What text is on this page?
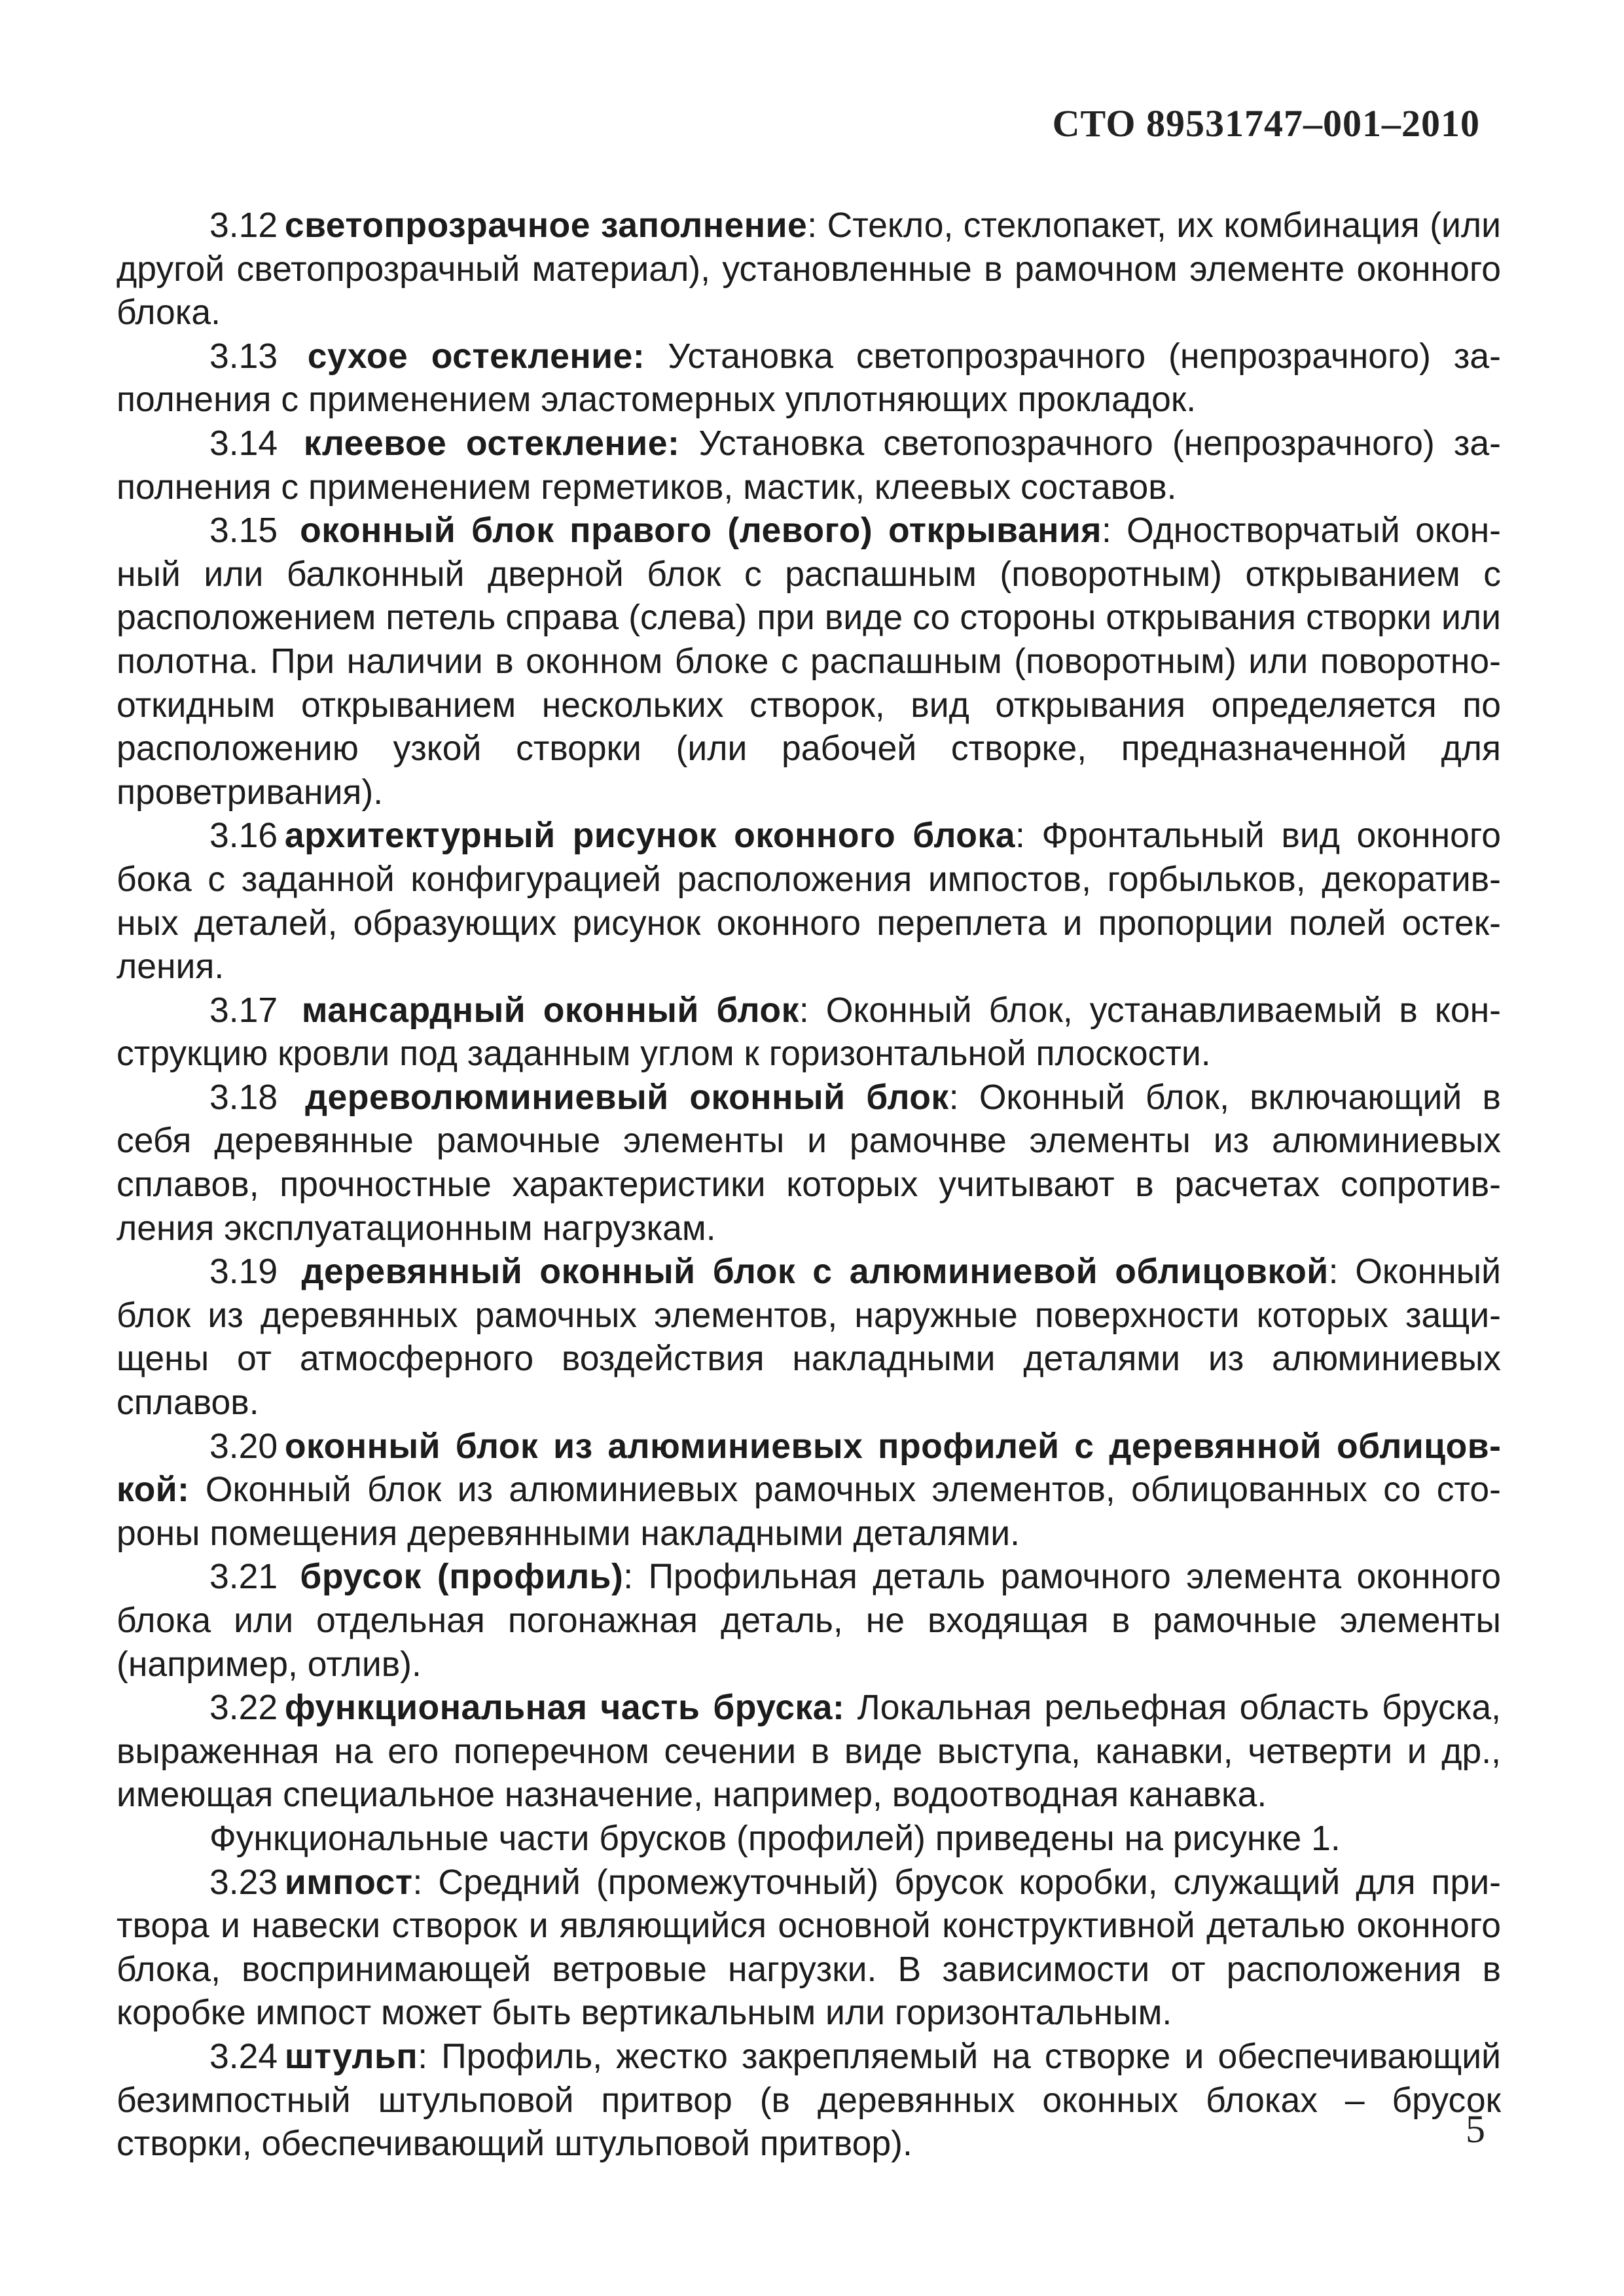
СТО 89531747–001–2010

3.12 светопрозрачное заполнение: Стекло, стеклопакет, их комбинация (или другой светопрозрачный материал), установленные в рамочном элементе оконного блока.

3.13 сухое остекление: Установка светопрозрачного (непрозрачного) заполнения с применением эластомерных уплотняющих прокладок.

3.14 клеевое остекление: Установка светопозрачного (непрозрачного) заполнения с применением герметиков, мастик, клеевых составов.

3.15 оконный блок правого (левого) открывания: Одностворчатый оконный или балконный дверной блок с распашным (поворотным) открыванием с расположением петель справа (слева) при виде со стороны открывания створки или полотна. При наличии в оконном блоке с распашным (поворотным) или поворотно-откидным открыванием нескольких створок, вид открывания определяется по расположению узкой створки (или рабочей створке, предназначенной для проветривания).

3.16 архитектурный рисунок оконного блока: Фронтальный вид оконного бока с заданной конфигурацией расположения импостов, горбыльков, декоративных деталей, образующих рисунок оконного переплета и пропорции полей остекления.

3.17 мансардный оконный блок: Оконный блок, устанавливаемый в конструкцию кровли под заданным углом к горизонтальной плоскости.

3.18 дереволюминиевый оконный блок: Оконный блок, включающий в себя деревянные рамочные элементы и рамочнве элементы из алюминиевых сплавов, прочностные характеристики которых учитывают в расчетах сопротивления эксплуатационным нагрузкам.

3.19 деревянный оконный блок с алюминиевой облицовкой: Оконный блок из деревянных рамочных элементов, наружные поверхности которых защищены от атмосферного воздействия накладными деталями из алюминиевых сплавов.

3.20 оконный блок из алюминиевых профилей с деревянной облицовкой: Оконный блок из алюминиевых рамочных элементов, облицованных со стороны помещения деревянными накладными деталями.

3.21 брусок (профиль): Профильная деталь рамочного элемента оконного блока или отдельная погонажная деталь, не входящая в рамочные элементы (например, отлив).

3.22 функциональная часть бруска: Локальная рельефная область бруска, выраженная на его поперечном сечении в виде выступа, канавки, четверти и др., имеющая специальное назначение, например, водоотводная канавка.

Функциональные части брусков (профилей) приведены на рисунке 1.

3.23 импост: Средний (промежуточный) брусок коробки, служащий для притвора и навески створок и являющийся основной конструктивной деталью оконного блока, воспринимающей ветровые нагрузки. В зависимости от расположения в коробке импост может быть вертикальным или горизонтальным.

3.24 штульп: Профиль, жестко закрепляемый на створке и обеспечивающий безимпостный штульповой притвор (в деревянных оконных блоках – брусок створки, обеспечивающий штульповой притвор).	5
